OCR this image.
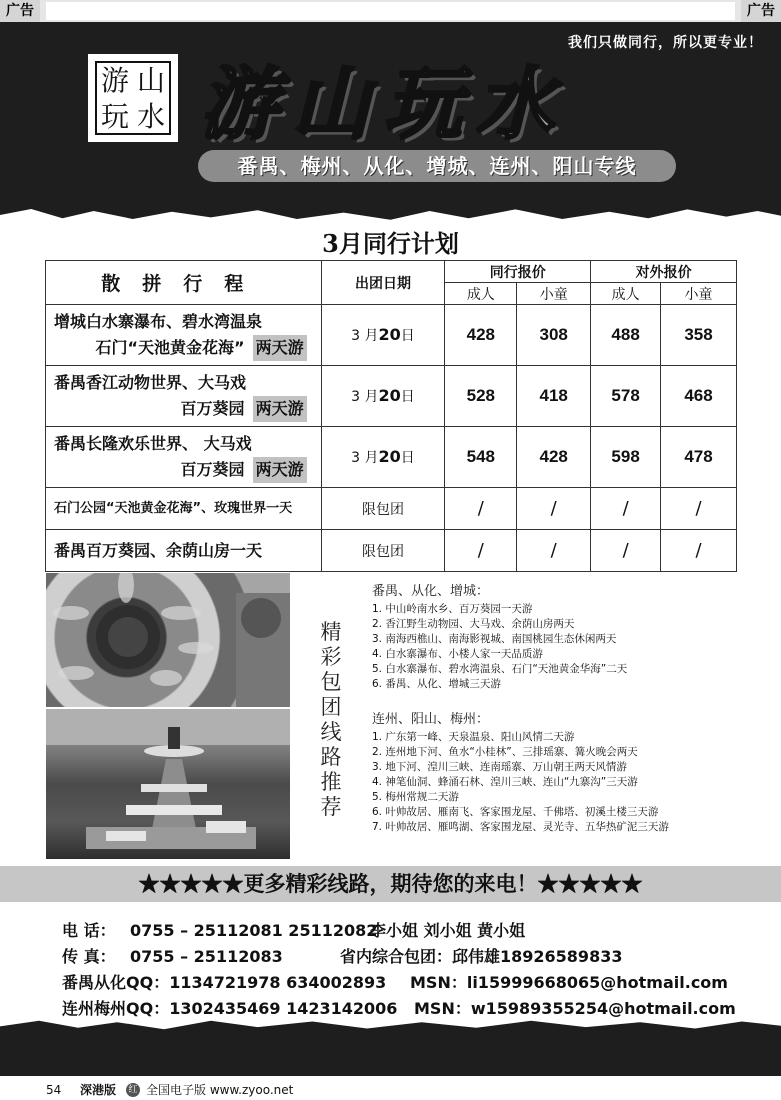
广告	广告
我们只做同行，所以更专业！
游 山
玩 水 游山玩水
番禺、梅州、从化、增城、连州、阳山专线
3月同行计划
散拼行程	出团日期	同行报价		对外报价	
		成人	小童	成人	小童
增城白水寨瀑布、碧水湾温泉
石门“天池黄金花海” 两天游	3 月20日	428	308	488	358
番禺香江动物世界、大马戏
百万葵园 两天游	3 月20日	528	418	578	468
番禺长隆欢乐世界、 大马戏
百万葵园 两天游	3 月20日	548	428	598	478
石门公园“天池黄金花海”、玫瑰世界一天	限包团	/	/	/	/
番禺百万葵园、余荫山房一天	限包团	/	/	/	/
精彩包团线路推荐
番禺、从化、增城：
1. 中山岭南水乡、百万葵园一天游
2. 香江野生动物园、大马戏、余荫山房两天
3. 南海西樵山、南海影视城、南国桃园生态休闲两天
4. 白水寨瀑布、小楼人家一天品质游
5. 白水寨瀑布、碧水湾温泉、石门“天池黄金华海”二天
6. 番禺、从化、增城三天游
连州、阳山、梅州：
1. 广东第一峰、天泉温泉、阳山风情二天游
2. 连州地下河、鱼水“小桂林”、三排瑶寨、篝火晚会两天
3. 地下河、湟川三峡、连南瑶寨、万山朝王两天风情游
4. 神笔仙洞、蜂涌石林、湟川三峡、连山“九寨沟”三天游
5. 梅州常规二天游
6. 叶帅故居、雁南飞、客家围龙屋、千佛塔、初溪土楼三天游
7. 叶帅故居、雁鸣湖、客家围龙屋、灵光寺、五华热矿泥三天游
★★★★★更多精彩线路，期待您的来电！★★★★★
电 话： 0755 – 25112081 25112082
李小姐 刘小姐 黄小姐
传 真： 0755 – 25112083	省内综合包团：邱伟雄18926589833
番禺从化QQ：1134721978 634002893 MSN：li15999668065@hotmail.com
连州梅州QQ：1302435469 1423142006 MSN：w15989355254@hotmail.com
54 深港版 红 全国电子版 www.zyoo.net
